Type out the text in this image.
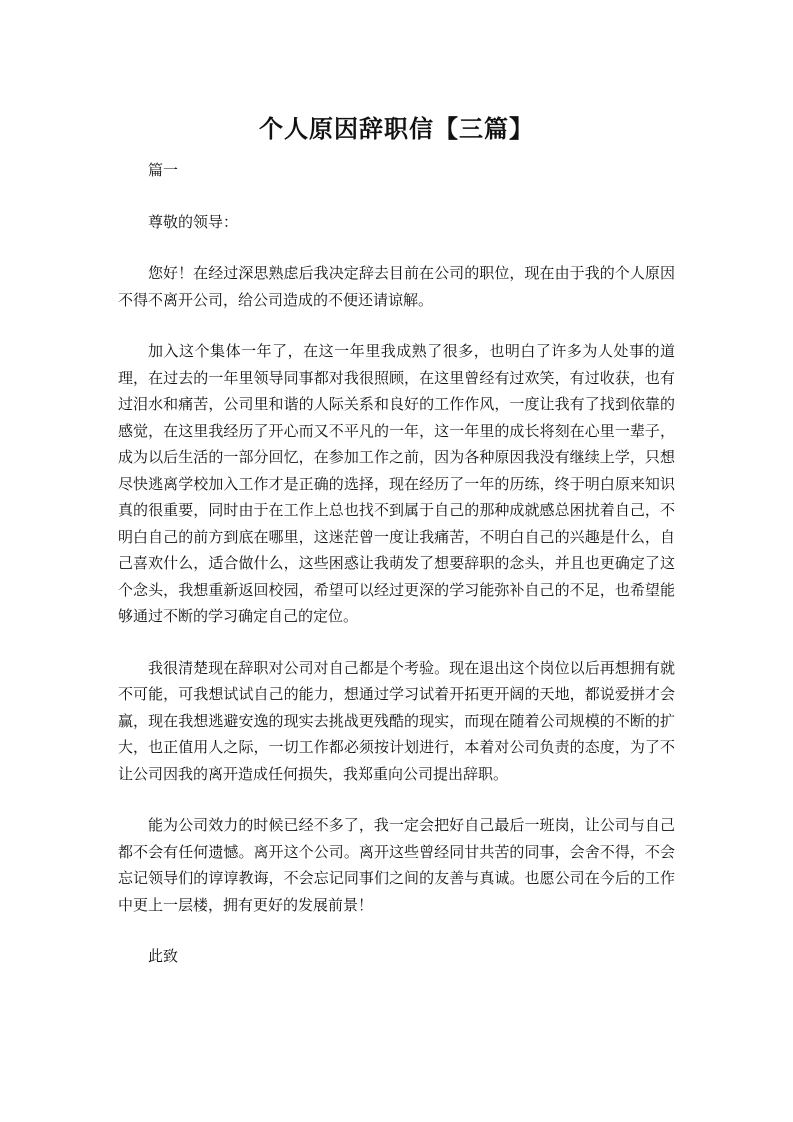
个人原因辞职信【三篇】

篇一

尊敬的领导：

您好！在经过深思熟虑后我决定辞去目前在公司的职位，现在由于我的个人原因不得不离开公司，给公司造成的不便还请谅解。

加入这个集体一年了，在这一年里我成熟了很多，也明白了许多为人处事的道理，在过去的一年里领导同事都对我很照顾，在这里曾经有过欢笑，有过收获，也有过泪水和痛苦，公司里和谐的人际关系和良好的工作作风，一度让我有了找到依靠的感觉，在这里我经历了开心而又不平凡的一年，这一年里的成长将刻在心里一辈子，成为以后生活的一部分回忆，在参加工作之前，因为各种原因我没有继续上学，只想尽快逃离学校加入工作才是正确的选择，现在经历了一年的历练，终于明白原来知识真的很重要，同时由于在工作上总也找不到属于自己的那种成就感总困扰着自己，不明白自己的前方到底在哪里，这迷茫曾一度让我痛苦，不明白自己的兴趣是什么，自己喜欢什么，适合做什么，这些困惑让我萌发了想要辞职的念头，并且也更确定了这个念头，我想重新返回校园，希望可以经过更深的学习能弥补自己的不足，也希望能够通过不断的学习确定自己的定位。

我很清楚现在辞职对公司对自己都是个考验。现在退出这个岗位以后再想拥有就不可能，可我想试试自己的能力，想通过学习试着开拓更开阔的天地，都说爱拼才会赢，现在我想逃避安逸的现实去挑战更残酷的现实，而现在随着公司规模的不断的扩大，也正值用人之际，一切工作都必须按计划进行，本着对公司负责的态度，为了不让公司因我的离开造成任何损失，我郑重向公司提出辞职。

能为公司效力的时候已经不多了，我一定会把好自己最后一班岗，让公司与自己都不会有任何遗憾。离开这个公司。离开这些曾经同甘共苦的同事，会舍不得，不会忘记领导们的谆谆教诲，不会忘记同事们之间的友善与真诚。也愿公司在今后的工作中更上一层楼，拥有更好的发展前景！

此致
